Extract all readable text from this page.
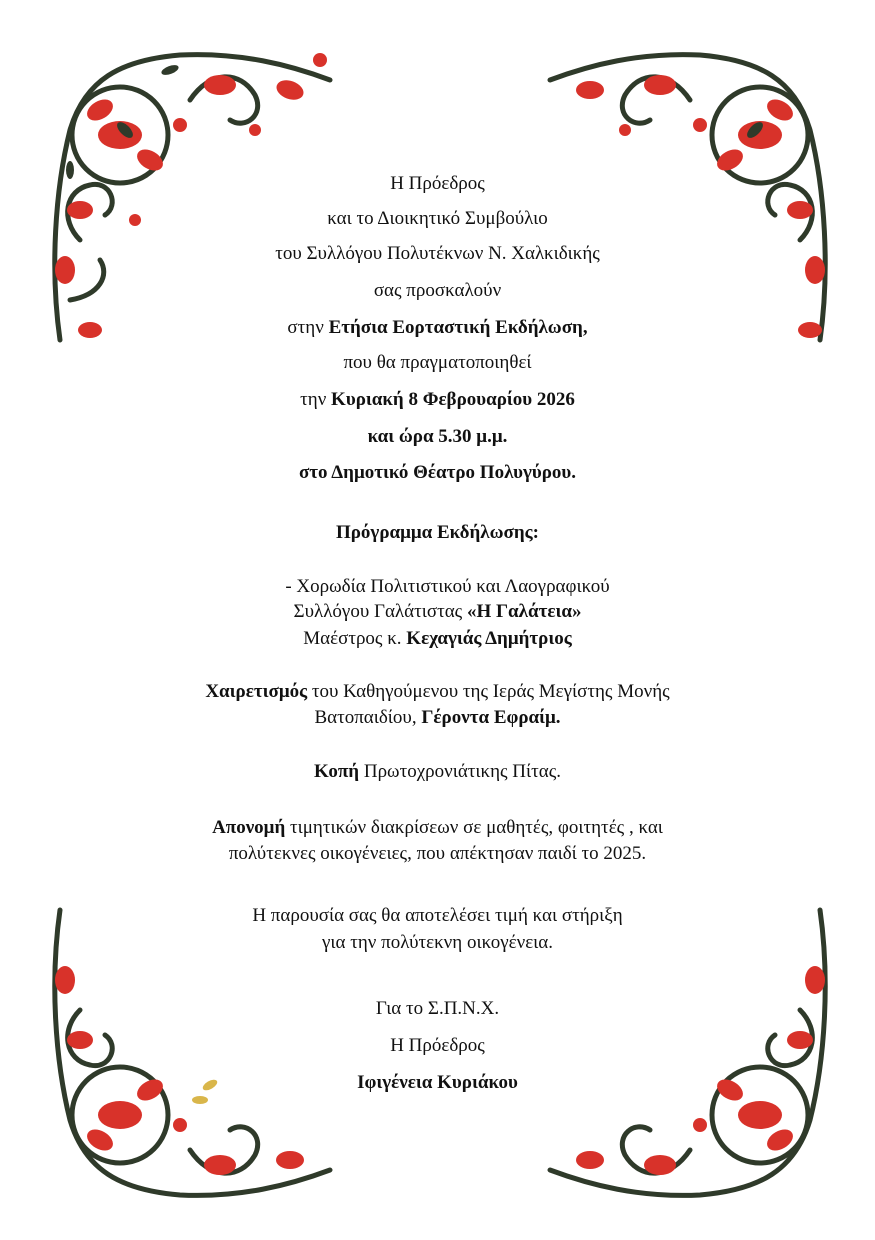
Η Πρόεδρος
και το Διοικητικό Συμβούλιο
του Συλλόγου Πολυτέκνων Ν. Χαλκιδικής
σας προσκαλούν
στην Ετήσια Εορταστική Εκδήλωση,
που θα πραγματοποιηθεί
την Κυριακή 8 Φεβρουαρίου 2026
και ώρα 5.30 μ.μ.
στο Δημοτικό Θέατρο Πολυγύρου.
Πρόγραμμα Εκδήλωσης:
- Χορωδία Πολιτιστικού και Λαογραφικού
Συλλόγου Γαλάτιστας «Η Γαλάτεια»
Μαέστρος κ. Κεχαγιάς Δημήτριος
Χαιρετισμός του Καθηγούμενου της Ιεράς Μεγίστης Μονής
Βατοπαιδίου, Γέροντα Εφραίμ.
Κοπή Πρωτοχρονιάτικης Πίτας.
Απονομή τιμητικών διακρίσεων σε μαθητές, φοιτητές , και
πολύτεκνες οικογένειες, που απέκτησαν παιδί το 2025.
Η παρουσία σας θα αποτελέσει τιμή και στήριξη
για την πολύτεκνη οικογένεια.
Για το Σ.Π.Ν.Χ.
Η Πρόεδρος
Ιφιγένεια Κυριάκου
